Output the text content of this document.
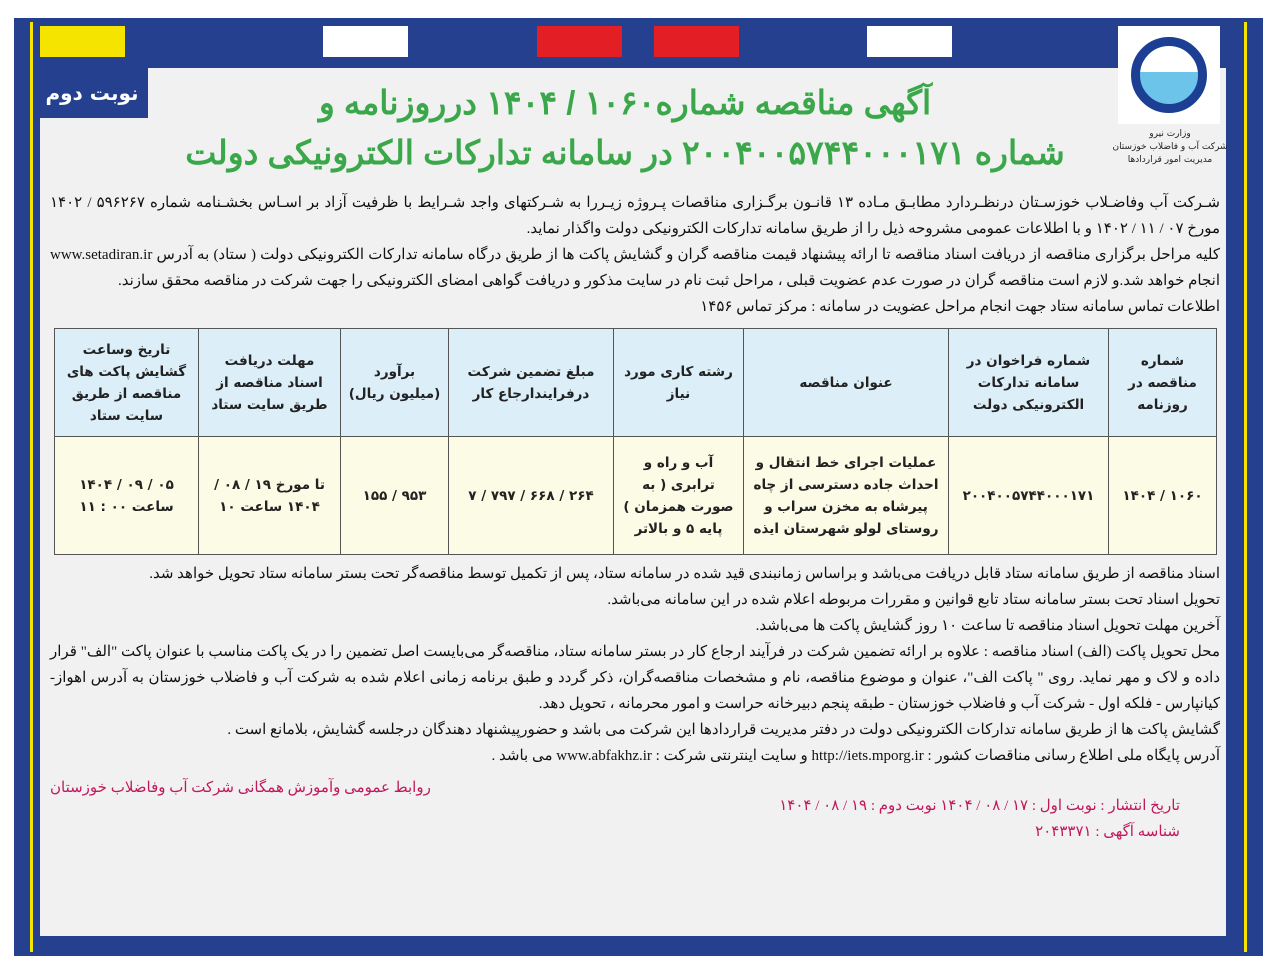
نوبت دوم
وزارت نیرو
شرکت آب و فاضلاب خوزستان
مدیریت امور قراردادها
آگهی مناقصه شماره۱۰۶۰ / ۱۴۰۴ درروزنامه و
شماره ۲۰۰۴۰۰۵۷۴۴۰۰۰۱۷۱ در سامانه تدارکات الکترونیکی دولت

شـرکت آب وفاضـلاب خوزسـتان درنظـردارد مطابـق مـاده ۱۳ قانـون برگـزاری مناقصات پـروژه زیـررا به شـرکتهای واجد شـرایط با ظرفیت آزاد بر اسـاس بخشـنامه شماره ۵۹۶۲۶۷ / ۱۴۰۲ مورخ ۰۷ / ۱۱ / ۱۴۰۲ و با اطلاعات عمومی مشروحه ذیل را از طریق سامانه تدارکات الکترونیکی دولت واگذار نماید.

کلیه مراحل برگزاری مناقصه از دریافت اسناد مناقصه تا ارائه پیشنهاد قیمت مناقصه گران و گشایش پاکت ها از طریق درگاه سامانه تدارکات الکترونیکی دولت ( ستاد) به آدرس www.setadiran.ir انجام خواهد شد.و لازم است مناقصه گران در صورت عدم عضویت قبلی ، مراحل ثبت نام در سایت مذکور و دریافت گواهی امضای الکترونیکی را جهت شرکت در مناقصه محقق سازند.

اطلاعات تماس سامانه ستاد جهت انجام مراحل عضویت در سامانه : مرکز تماس ۱۴۵۶

شماره مناقصه در روزنامه	شماره فراخوان در سامانه تدارکات الکترونیکی دولت	عنوان مناقصه	رشته کاری مورد نیاز	مبلغ تضمین شرکت درفرایندارجاع کار	برآورد (میلیون ریال)	مهلت دریافت اسناد مناقصه از طریق سایت ستاد	تاریخ وساعت گشایش پاکت های مناقصه از طریق سایت ستاد
۱۰۶۰ / ۱۴۰۴	۲۰۰۴۰۰۵۷۴۴۰۰۰۱۷۱	عملیات اجرای خط انتقال و احداث جاده دسترسی از چاه پیرشاه به مخزن سراب و روستای لولو شهرستان ایذه	آب و راه و ترابری ( به صورت همزمان ) پایه ۵ و بالاتر	۲۶۴ / ۶۶۸ / ۷۹۷ / ۷	۹۵۳ / ۱۵۵	تا مورخ ۱۹ / ۰۸ / ۱۴۰۴ ساعت ۱۰	۰۵ / ۰۹ / ۱۴۰۴ ساعت ۰۰ : ۱۱

اسناد مناقصه از طریق سامانه ستاد قابل دریافت می‌باشد و براساس زمانبندی قید شده در سامانه ستاد، پس از تکمیل توسط مناقصه‌گر تحت بستر سامانه ستاد تحویل خواهد شد.

تحویل اسناد تحت بستر سامانه ستاد تابع قوانین و مقررات مربوطه اعلام شده در این سامانه می‌باشد.

آخرین مهلت تحویل اسناد مناقصه تا ساعت ۱۰ روز گشایش پاکت ها می‌باشد.

محل تحویل پاکت (الف) اسناد مناقصه : علاوه بر ارائه تضمین شرکت در فرآیند ارجاع کار در بستر سامانه ستاد، مناقصه‌گر می‌بایست اصل تضمین را در یک پاکت مناسب با عنوان پاکت "الف" قرار داده و لاک و مهر نماید. روی " پاکت الف"، عنوان و موضوع مناقصه، نام و مشخصات مناقصه‌گران، ذکر گردد و طبق برنامه زمانی اعلام شده به شرکت آب و فاضلاب خوزستان به آدرس اهواز- کیانپارس - فلکه اول - شرکت آب و فاضلاب خوزستان - طبقه پنجم دبیرخانه حراست و امور محرمانه ، تحویل دهد.

گشایش پاکت ها از طریق سامانه تدارکات الکترونیکی دولت در دفتر مدیریت قراردادها این شرکت می باشد و حضورپیشنهاد دهندگان درجلسه گشایش، بلامانع است .

آدرس پایگاه ملی اطلاع رسانی مناقصات کشور : http://iets.mporg.ir و سایت اینترنتی شرکت : www.abfakhz.ir می باشد .

تاریخ انتشار : نوبت اول : ۱۷ / ۰۸ / ۱۴۰۴ نوبت دوم : ۱۹ / ۰۸ / ۱۴۰۴
شناسه آگهی : ۲۰۴۳۳۷۱
روابط عمومی وآموزش همگانی شرکت آب وفاضلاب خوزستان
